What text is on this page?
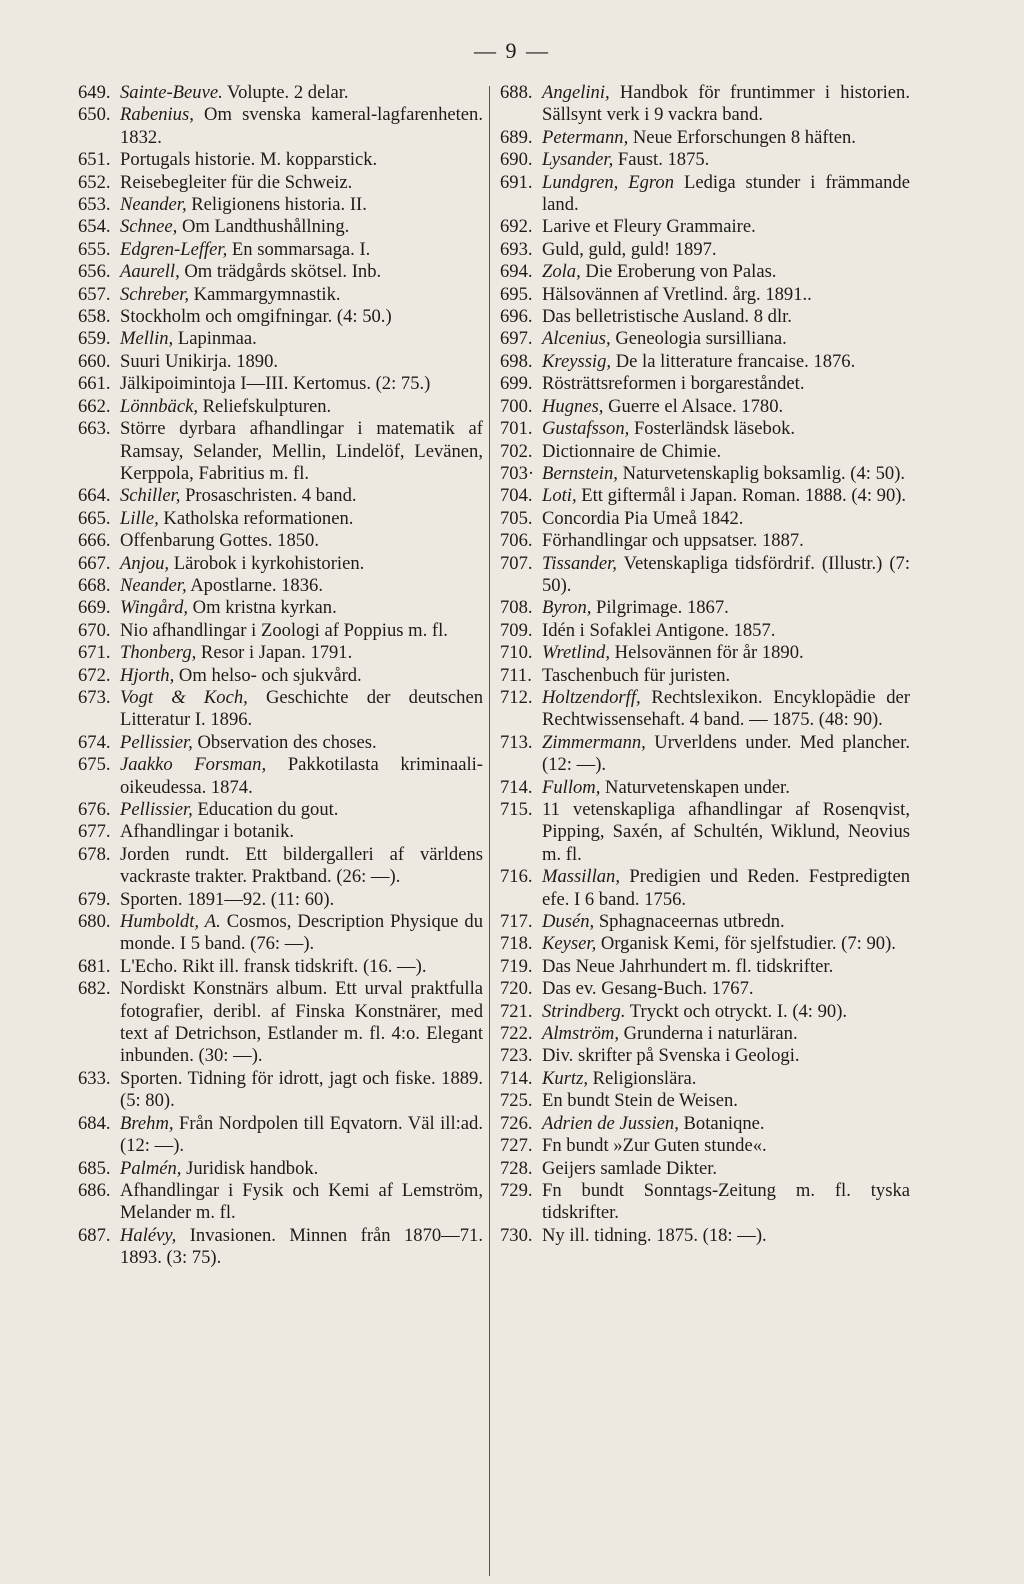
— 9 —
649. Sainte-Beuve. Volupte. 2 delar.
650. Rabenius, Om svenska kameral-lagfarenheten. 1832.
651. Portugals historie. M. kopparstick.
652. Reisebegleiter für die Schweiz.
653. Neander, Religionens historia. II.
654. Schnee, Om Landthushållning.
655. Edgren-Leffer, En sommarsaga. I.
656. Aaurell, Om trädgårds skötsel. Inb.
657. Schreber, Kammargymnastik.
658. Stockholm och omgifningar. (4: 50.)
659. Mellin, Lapinmaa.
660. Suuri Unikirja. 1890.
661. Jälkipoimintoja I—III. Kertomus. (2: 75.)
662. Lönnbäck, Reliefskulpturen.
663. Större dyrbara afhandlingar i matematik af Ramsay, Selander, Mellin, Lindelöf, Levänen, Kerppola, Fabritius m. fl.
664. Schiller, Prosaschristen. 4 band.
665. Lille, Katholska reformationen.
666. Offenbarung Gottes. 1850.
667. Anjou, Lärobok i kyrkohistorien.
668. Neander, Apostlarne. 1836.
669. Wingård, Om kristna kyrkan.
670. Nio afhandlingar i Zoologi af Poppius m. fl.
671. Thonberg, Resor i Japan. 1791.
672. Hjorth, Om helso- och sjukvård.
673. Vogt & Koch, Geschichte der deutschen Litteratur I. 1896.
674. Pellissier, Observation des choses.
675. Jaakko Forsman, Pakkotilasta kriminaali-oikeudessa. 1874.
676. Pellissier, Education du gout.
677. Afhandlingar i botanik.
678. Jorden rundt. Ett bildergalleri af världens vackraste trakter. Praktband. (26: —).
679. Sporten. 1891—92. (11: 60).
680. Humboldt, A. Cosmos, Description Physique du monde. I 5 band. (76: —).
681. L'Echo. Rikt ill. fransk tidskrift. (16. —).
682. Nordiskt Konstnärs album. Ett urval praktfulla fotografier, deribl. af Finska Konstnärer, med text af Detrichson, Estlander m. fl. 4:o. Elegant inbunden. (30: —).
633. Sporten. Tidning för idrott, jagt och fiske. 1889. (5: 80).
684. Brehm, Från Nordpolen till Eqvatorn. Väl ill:ad. (12: —).
685. Palmén, Juridisk handbok.
686. Afhandlingar i Fysik och Kemi af Lemström, Melander m. fl.
687. Halévy, Invasionen. Minnen från 1870—71. 1893. (3: 75).
688. Angelini, Handbok för fruntimmer i historien. Sällsynt verk i 9 vackra band.
689. Petermann, Neue Erforschungen 8 häften.
690. Lysander, Faust. 1875.
691. Lundgren, Egron Lediga stunder i främmande land.
692. Larive et Fleury Grammaire.
693. Guld, guld, guld! 1897.
694. Zola, Die Eroberung von Palas.
695. Hälsovännen af Vretlind. årg. 1891..
696. Das belletristische Ausland. 8 dlr.
697. Alcenius, Geneologia sursilliana.
698. Kreyssig, De la litterature francaise. 1876.
699. Rösträttsreformen i borgareståndet.
700. Hugnes, Guerre el Alsace. 1780.
701. Gustafsson, Fosterländsk läsebok.
702. Dictionnaire de Chimie.
703· Bernstein, Naturvetenskaplig boksamlig. (4: 50).
704. Loti, Ett giftermål i Japan. Roman. 1888. (4: 90).
705. Concordia Pia Umeå 1842.
706. Förhandlingar och uppsatser. 1887.
707. Tissander, Vetenskapliga tidsfördrif. (Illustr.) (7: 50).
708. Byron, Pilgrimage. 1867.
709. Idén i Sofaklei Antigone. 1857.
710. Wretlind, Helsovännen för år 1890.
711. Taschenbuch für juristen.
712. Holtzendorff, Rechtslexikon. Encyklopädie der Rechtwissensehaft. 4 band. — 1875. (48: 90).
713. Zimmermann, Urverldens under. Med plancher. (12: —).
714. Fullom, Naturvetenskapen under.
715. 11 vetenskapliga afhandlingar af Rosenqvist, Pipping, Saxén, af Schultén, Wiklund, Neovius m. fl.
716. Massillan, Predigien und Reden. Festpredigten efe. I 6 band. 1756.
717. Dusén, Sphagnaceernas utbredn.
718. Keyser, Organisk Kemi, för sjelfstudier. (7: 90).
719. Das Neue Jahrhundert m. fl. tidskrifter.
720. Das ev. Gesang-Buch. 1767.
721. Strindberg. Tryckt och otryckt. I. (4: 90).
722. Almström, Grunderna i naturläran.
723. Div. skrifter på Svenska i Geologi.
714. Kurtz, Religionslära.
725. En bundt Stein de Weisen.
726. Adrien de Jussien, Botaniqne.
727. Fn bundt »Zur Guten stunde«.
728. Geijers samlade Dikter.
729. Fn bundt Sonntags-Zeitung m. fl. tyska tidskrifter.
730. Ny ill. tidning. 1875. (18: —).
